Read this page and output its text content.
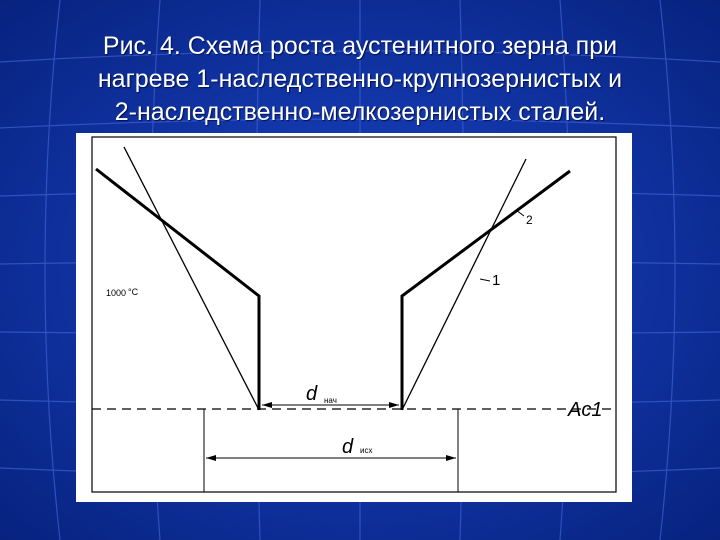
Рис. 4. Схема роста аустенитного зерна при
нагреве 1-наследственно-крупнозернистых и
2-наследственно-мелкозернистых сталей.
1000 °C
2
1
Ac1
d нач
d исх
